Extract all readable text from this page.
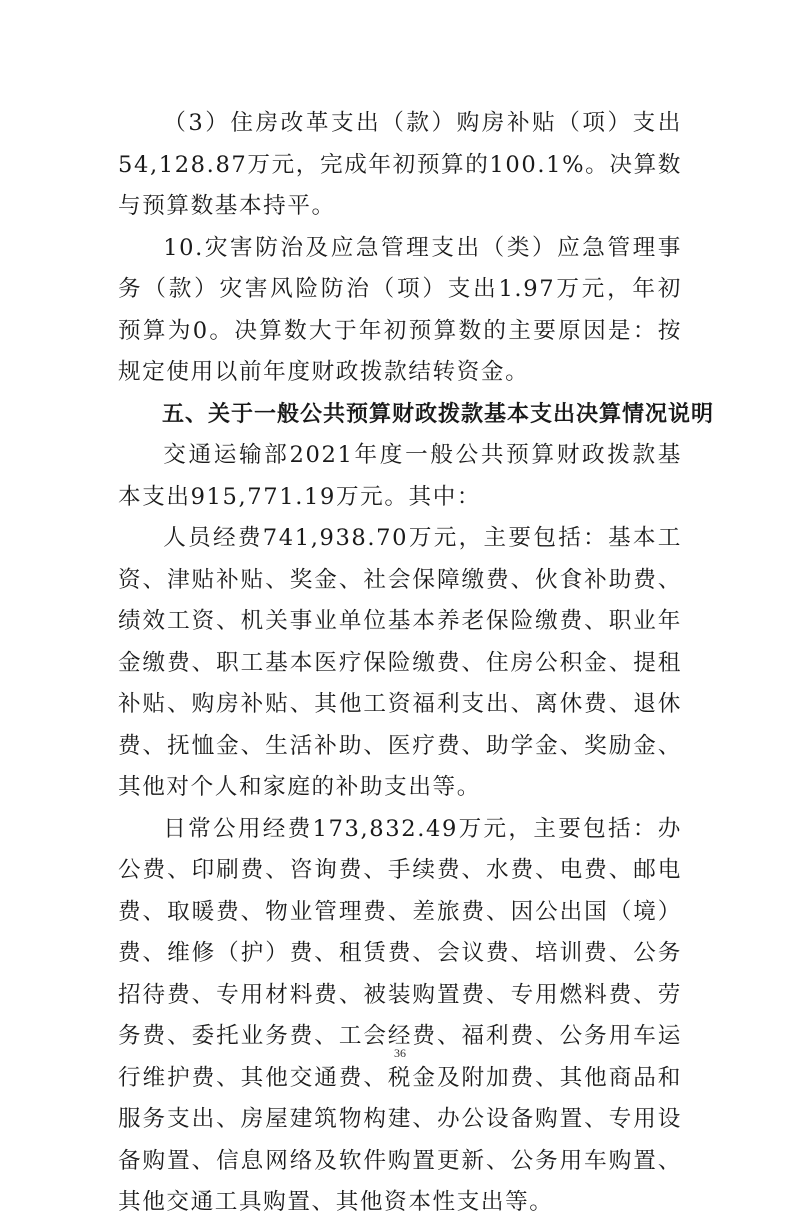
（3）住房改革支出（款）购房补贴（项）支出54,128.87万元，完成年初预算的100.1%。决算数与预算数基本持平。

10.灾害防治及应急管理支出（类）应急管理事务（款）灾害风险防治（项）支出1.97万元，年初预算为0。决算数大于年初预算数的主要原因是：按规定使用以前年度财政拨款结转资金。

五、关于一般公共预算财政拨款基本支出决算情况说明

交通运输部2021年度一般公共预算财政拨款基本支出915,771.19万元。其中：

人员经费741,938.70万元，主要包括：基本工资、津贴补贴、奖金、社会保障缴费、伙食补助费、绩效工资、机关事业单位基本养老保险缴费、职业年金缴费、职工基本医疗保险缴费、住房公积金、提租补贴、购房补贴、其他工资福利支出、离休费、退休费、抚恤金、生活补助、医疗费、助学金、奖励金、其他对个人和家庭的补助支出等。

日常公用经费173,832.49万元，主要包括：办公费、印刷费、咨询费、手续费、水费、电费、邮电费、取暖费、物业管理费、差旅费、因公出国（境）费、维修（护）费、租赁费、会议费、培训费、公务招待费、专用材料费、被装购置费、专用燃料费、劳务费、委托业务费、工会经费、福利费、公务用车运行维护费、其他交通费、税金及附加费、其他商品和服务支出、房屋建筑物构建、办公设备购置、专用设备购置、信息网络及软件购置更新、公务用车购置、其他交通工具购置、其他资本性支出等。

36
